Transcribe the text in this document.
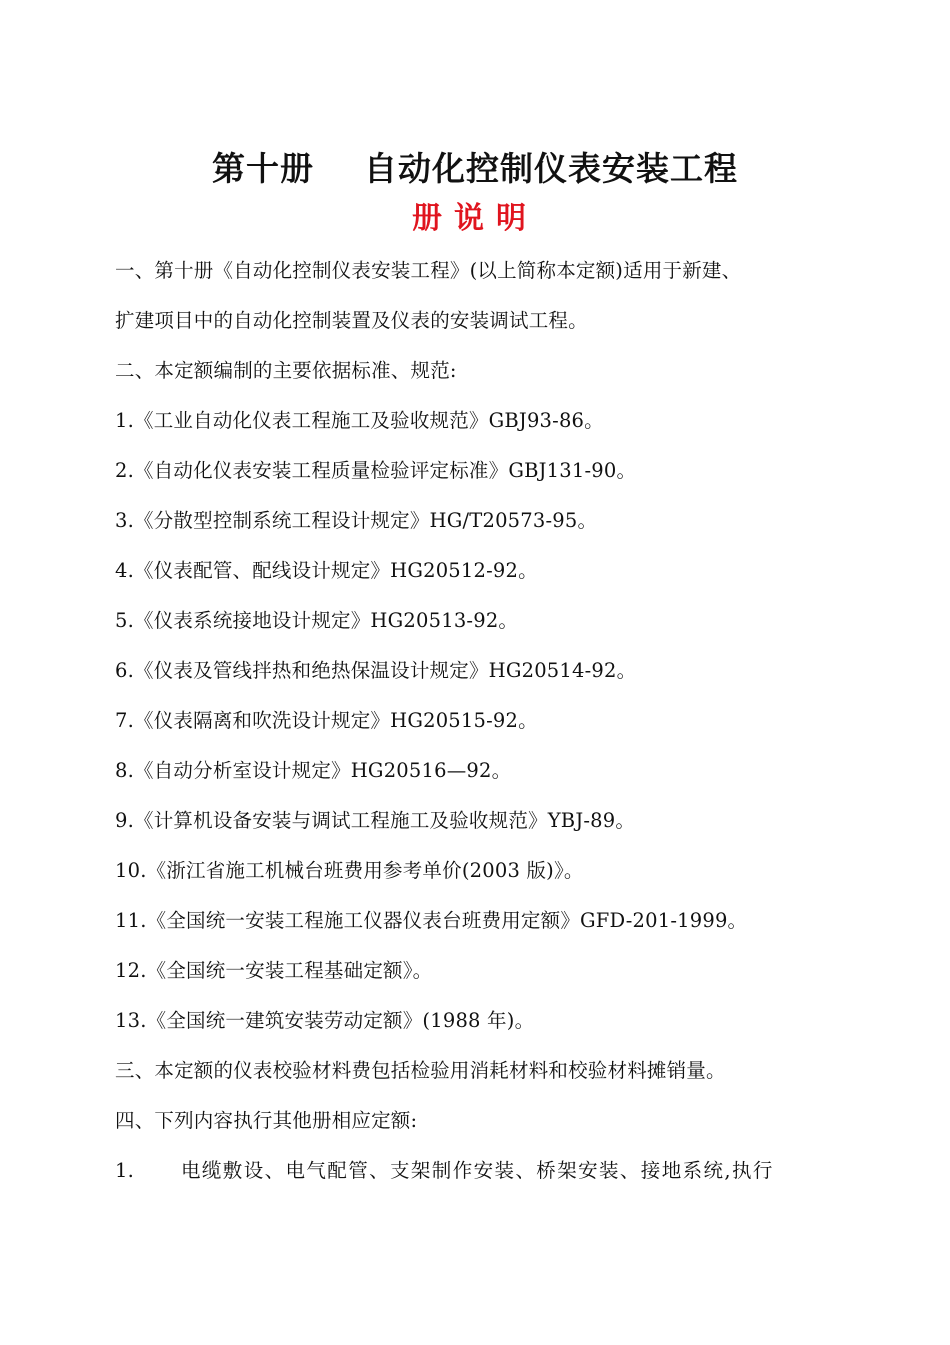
第十册    自动化控制仪表安装工程
册说明
一、第十册《自动化控制仪表安装工程》(以上简称本定额)适用于新建、
扩建项目中的自动化控制装置及仪表的安装调试工程。
二、本定额编制的主要依据标准、规范:
1.《工业自动化仪表工程施工及验收规范》GBJ93-86。
2.《自动化仪表安装工程质量检验评定标准》GBJ131-90。
3.《分散型控制系统工程设计规定》HG/T20573-95。
4.《仪表配管、配线设计规定》HG20512-92。
5.《仪表系统接地设计规定》HG20513-92。
6.《仪表及管线拌热和绝热保温设计规定》HG20514-92。
7.《仪表隔离和吹洗设计规定》HG20515-92。
8.《自动分析室设计规定》HG20516—92。
9.《计算机设备安装与调试工程施工及验收规范》YBJ-89。
10.《浙江省施工机械台班费用参考单价(2003 版)》。
11.《全国统一安装工程施工仪器仪表台班费用定额》GFD-201-1999。
12.《全国统一安装工程基础定额》。
13.《全国统一建筑安装劳动定额》(1988 年)。
三、本定额的仪表校验材料费包括检验用消耗材料和校验材料摊销量。
四、下列内容执行其他册相应定额:
1.	电缆敷设、电气配管、支架制作安装、桥架安装、接地系统,执行
